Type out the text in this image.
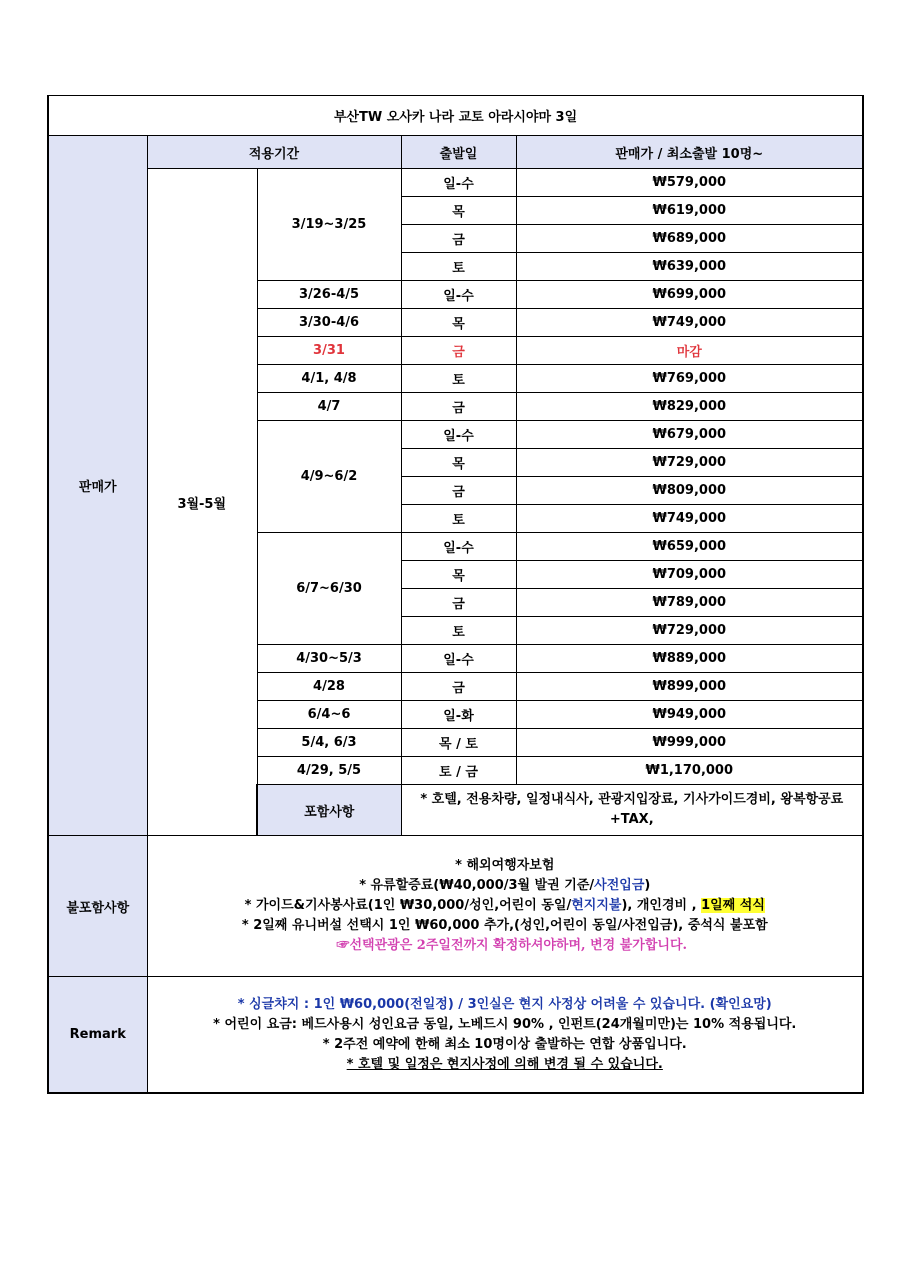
부산TW 오사카 나라 교토 아라시야마 3일				
판매가	적용기간		출발일	판매가 / 최소출발 10명~
	3월-5월	3/19~3/25	일-수	₩579,000
			목	₩619,000
			금	₩689,000
			토	₩639,000
		3/26-4/5	일-수	₩699,000
		3/30-4/6	목	₩749,000
		3/31	금	마감
		4/1, 4/8	토	₩769,000
		4/7	금	₩829,000
		4/9~6/2	일-수	₩679,000
			목	₩729,000
			금	₩809,000
			토	₩749,000
		6/7~6/30	일-수	₩659,000
			목	₩709,000
			금	₩789,000
			토	₩729,000
		4/30~5/3	일-수	₩889,000
		4/28	금	₩899,000
		6/4~6	일-화	₩949,000
		5/4, 6/3	목 / 토	₩999,000
		4/29, 5/5	토 / 금	₩1,170,000
		포함사항	* 호텔, 전용차량, 일정내식사, 관광지입장료, 기사가이드경비, 왕복항공료+TAX,	
불포함사항	* 해외여행자보험
* 유류할증료(₩40,000/3월 발권 기준/사전입금)
* 가이드&기사봉사료(1인 ₩30,000/성인,어린이 동일/현지지불), 개인경비 , 1일째 석식
* 2일째 유니버설 선택시 1인 ₩60,000 추가,(성인,어린이 동일/사전입금), 중석식 불포함
☞선택관광은 2주일전까지 확정하셔야하며, 변경 불가합니다.			

Remark	* 싱글챠지 : 1인 ₩60,000(전일정) / 3인실은 현지 사정상 어려울 수 있습니다. (확인요망)
* 어린이 요금: 베드사용시 성인요금 동일, 노베드시 90% , 인펀트(24개월미만)는 10% 적용됩니다.
* 2주전 예약에 한해 최소 10명이상 출발하는 연합 상품입니다.
* 호텔 및 일정은 현지사정에 의해 변경 될 수 있습니다.			
